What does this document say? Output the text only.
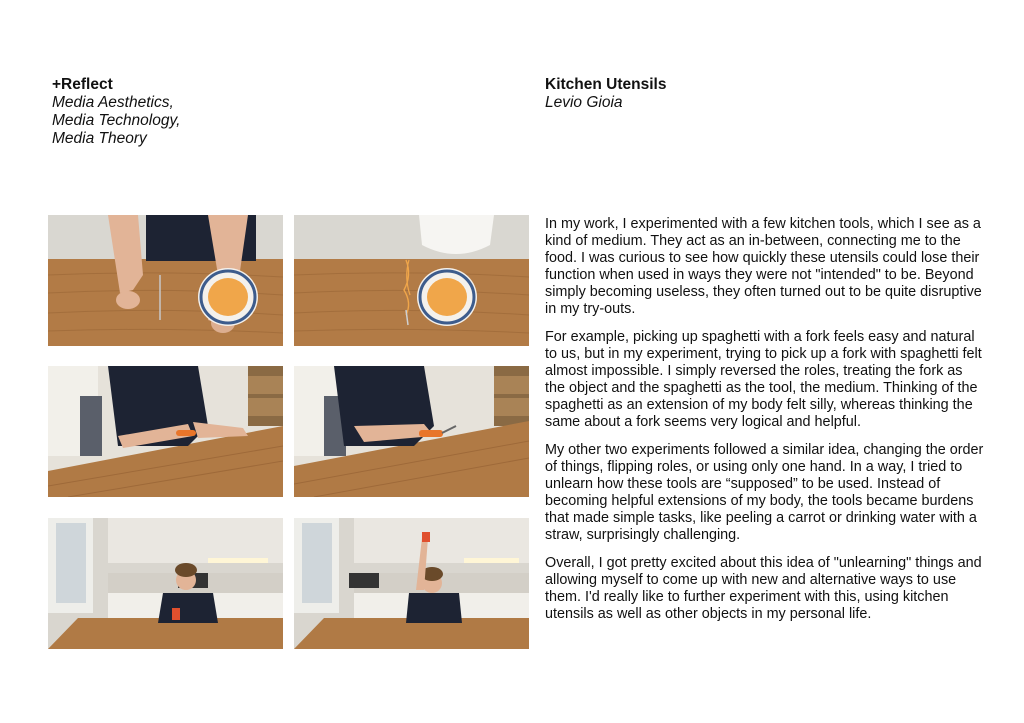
+Reflect
Media Aesthetics,
Media Technology,
Media Theory
Kitchen Utensils
Levio Gioia

In my work, I experimented with a few kitchen tools, which I see as a kind of medium. They act as an in-between, connecting me to the food. I was curious to see how quickly these utensils could lose their function when used in ways they were not "intended" to be. Beyond simply becoming useless, they often turned out to be quite disruptive in my try-outs.

For example, picking up spaghetti with a fork feels easy and natural to us, but in my experiment, trying to pick up a fork with spaghetti felt almost impossible. I simply reversed the roles, treating the fork as the object and the spaghetti as the tool, the medium. Thinking of the spaghetti as an extension of my body felt silly, whereas thinking the same about a fork seems very logical and helpful.

My other two experiments followed a similar idea, changing the order of things, flipping roles, or using only one hand. In a way, I tried to unlearn how these tools are “supposed” to be used. Instead of becoming helpful extensions of my body, the tools became burdens that made simple tasks, like peeling a carrot or drinking water with a straw, surprisingly challenging.

Overall, I got pretty excited about this idea of "unlearning" things and allowing myself to come up with new and alternative ways to use them. I'd really like to further experiment with this, using kitchen utensils as well as other objects in my personal life.
